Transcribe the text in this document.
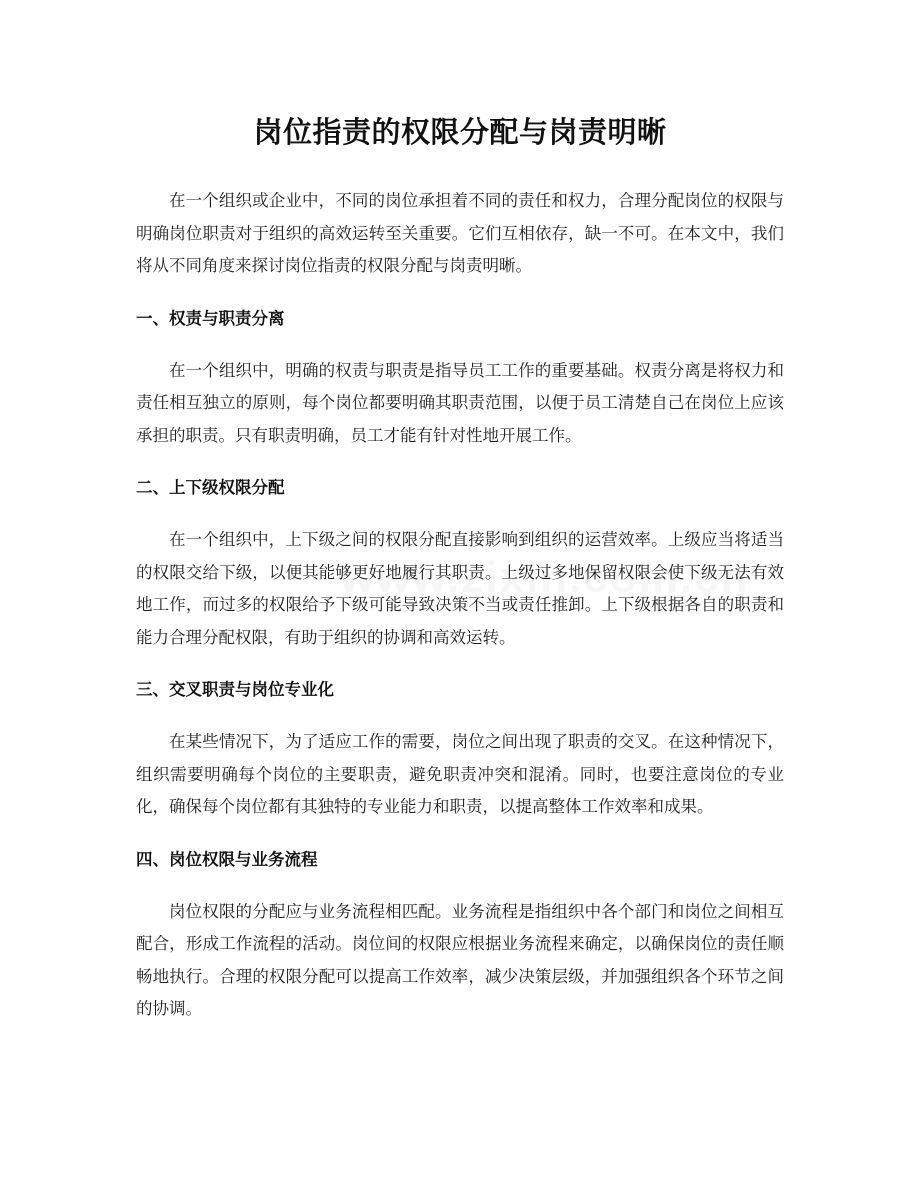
岗位指责的权限分配与岗责明晰

在一个组织或企业中，不同的岗位承担着不同的责任和权力，合理分配岗位的权限与明确岗位职责对于组织的高效运转至关重要。它们互相依存，缺一不可。在本文中，我们将从不同角度来探讨岗位指责的权限分配与岗责明晰。

一、权责与职责分离

在一个组织中，明确的权责与职责是指导员工工作的重要基础。权责分离是将权力和责任相互独立的原则，每个岗位都要明确其职责范围，以便于员工清楚自己在岗位上应该承担的职责。只有职责明确，员工才能有针对性地开展工作。

二、上下级权限分配

在一个组织中，上下级之间的权限分配直接影响到组织的运营效率。上级应当将适当的权限交给下级，以便其能够更好地履行其职责。上级过多地保留权限会使下级无法有效地工作，而过多的权限给予下级可能导致决策不当或责任推卸。上下级根据各自的职责和能力合理分配权限，有助于组织的协调和高效运转。

三、交叉职责与岗位专业化

在某些情况下，为了适应工作的需要，岗位之间出现了职责的交叉。在这种情况下，组织需要明确每个岗位的主要职责，避免职责冲突和混淆。同时，也要注意岗位的专业化，确保每个岗位都有其独特的专业能力和职责，以提高整体工作效率和成果。

四、岗位权限与业务流程

岗位权限的分配应与业务流程相匹配。业务流程是指组织中各个部门和岗位之间相互配合，形成工作流程的活动。岗位间的权限应根据业务流程来确定，以确保岗位的责任顺畅地执行。合理的权限分配可以提高工作效率，减少决策层级，并加强组织各个环节之间的协调。
